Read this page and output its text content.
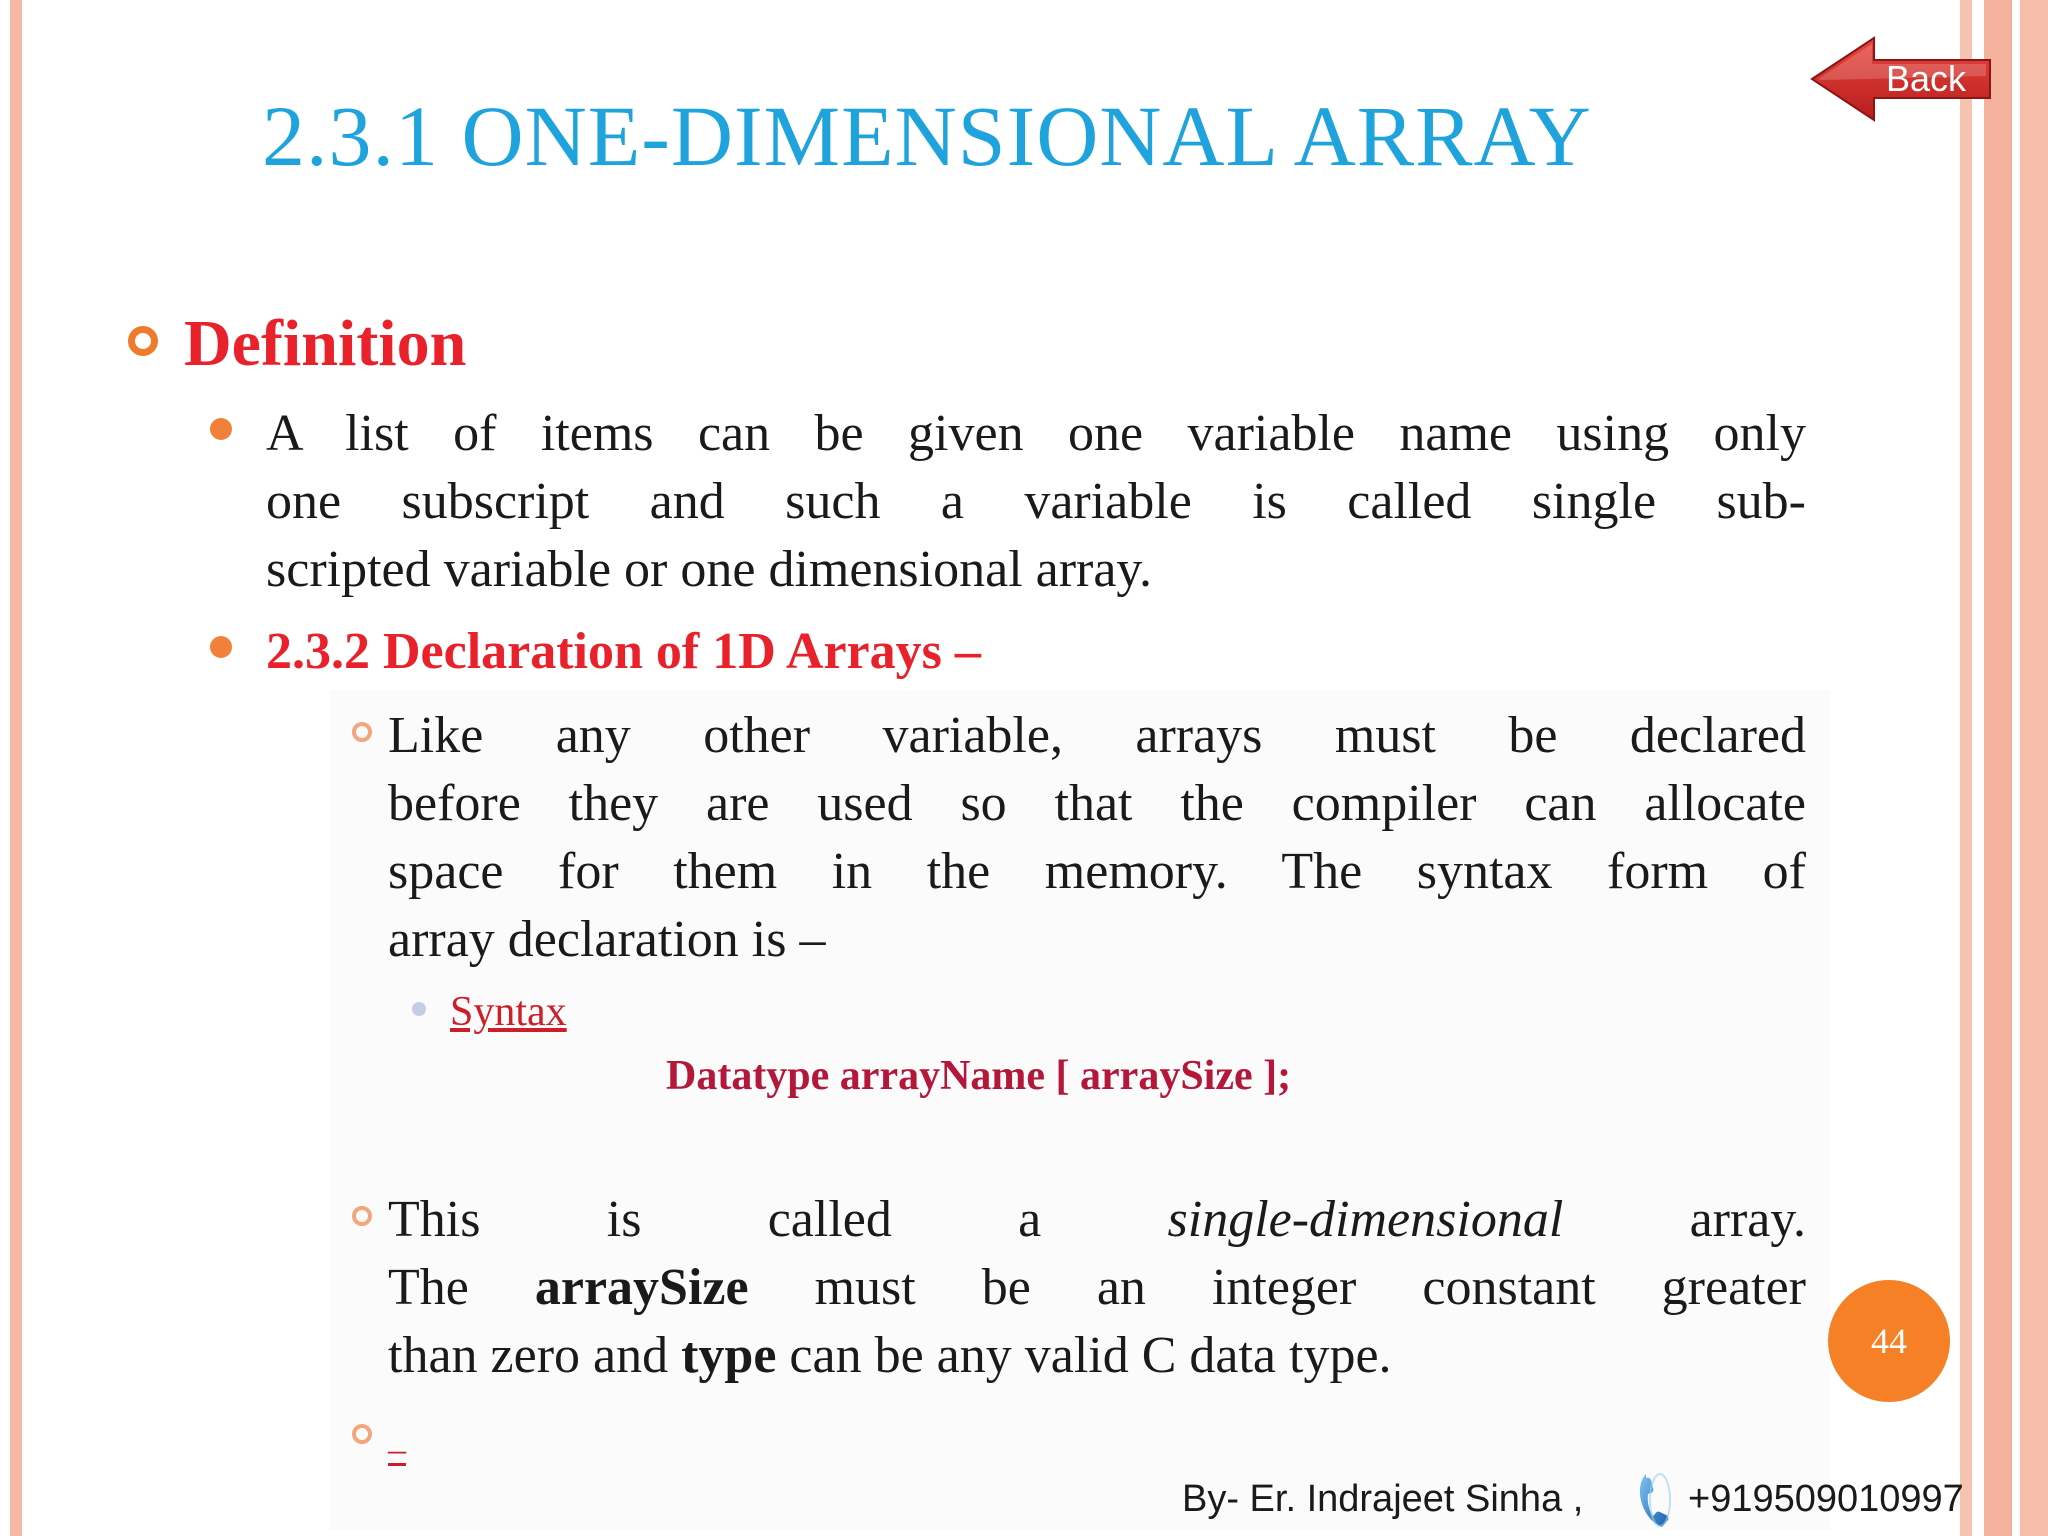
2.3.1 ONE-DIMENSIONAL ARRAY
Back
Definition

A list of items can be given one variable name using only
one subscript and such a variable is called single sub-
scripted variable or one dimensional array.

2.3.2 Declaration of 1D Arrays –

Like any other variable, arrays must be declared
before they are used so that the compiler can allocate
space for them in the memory. The syntax form of
array declaration is –

Syntax

Datatype arrayName [ arraySize ];

This is called a single-dimensional array.
The arraySize must be an integer constant greater
than zero and type can be any valid C data type.

–
44

By- Er. Indrajeet Sinha ,	+919509010997
